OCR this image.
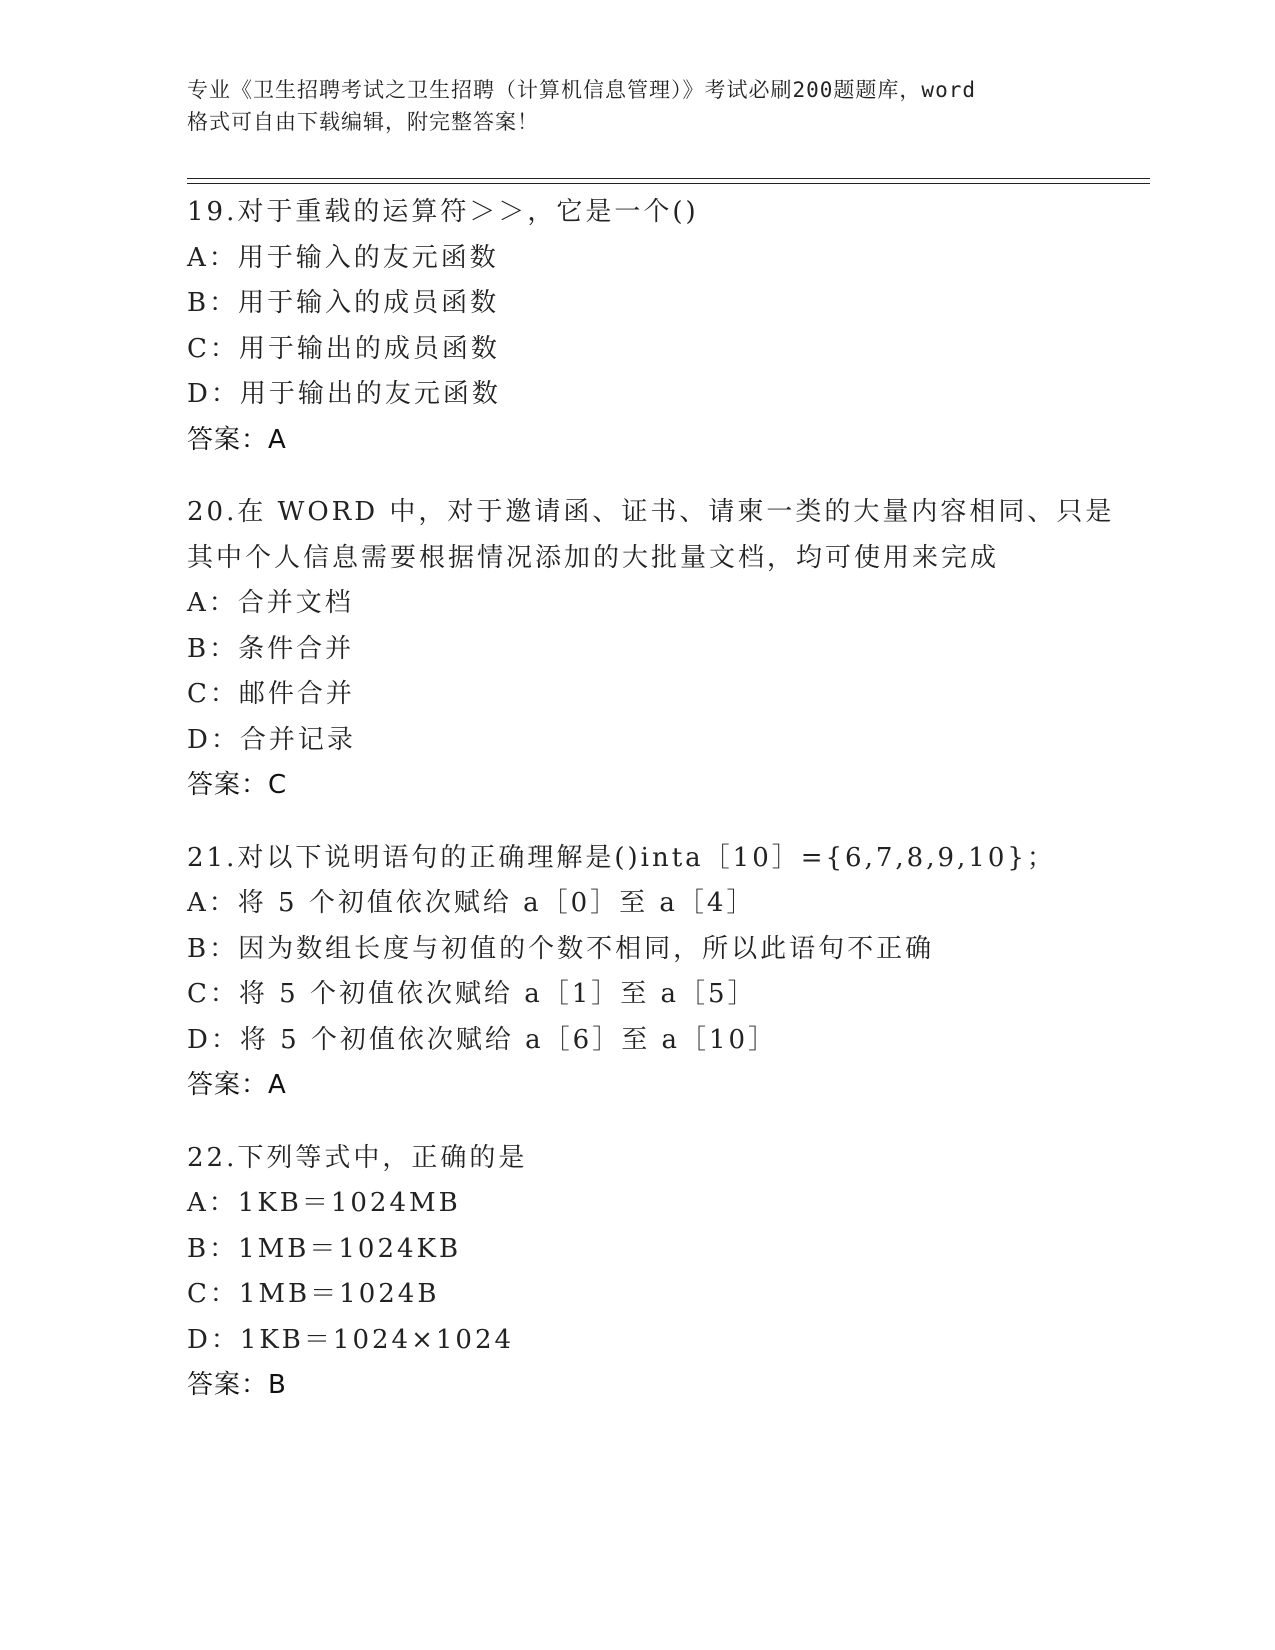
专业《卫生招聘考试之卫生招聘（计算机信息管理）》考试必刷200题题库，word
格式可自由下载编辑，附完整答案！
19.对于重载的运算符＞＞，它是一个()
A：用于输入的友元函数
B：用于输入的成员函数
C：用于输出的成员函数
D：用于输出的友元函数
答案：A
20.在 WORD 中，对于邀请函、证书、请柬一类的大量内容相同、只是
其中个人信息需要根据情况添加的大批量文档，均可使用来完成
A：合并文档
B：条件合并
C：邮件合并
D：合并记录
答案：C
21.对以下说明语句的正确理解是()inta［10］={6,7,8,9,10}；
A：将 5 个初值依次赋给 a［0］至 a［4］
B：因为数组长度与初值的个数不相同，所以此语句不正确
C：将 5 个初值依次赋给 a［1］至 a［5］
D：将 5 个初值依次赋给 a［6］至 a［10］
答案：A
22.下列等式中，正确的是
A：1KB＝1024MB
B：1MB＝1024KB
C：1MB＝1024B
D：1KB＝1024×1024
答案：B
